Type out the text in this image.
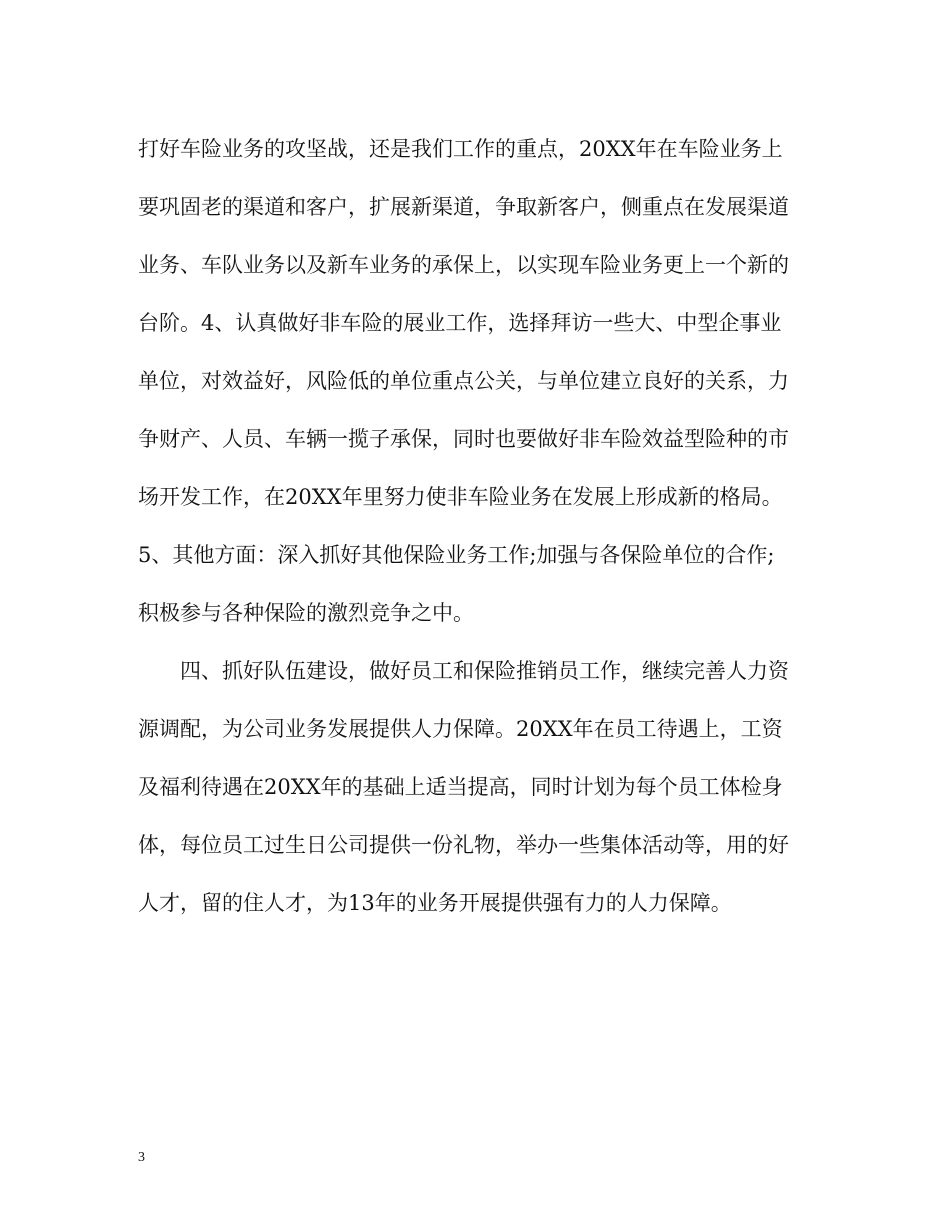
打好车险业务的攻坚战，还是我们工作的重点，20XX年在车险业务上
要巩固老的渠道和客户，扩展新渠道，争取新客户，侧重点在发展渠道
业务、车队业务以及新车业务的承保上，以实现车险业务更上一个新的
台阶。4、认真做好非车险的展业工作，选择拜访一些大、中型企事业
单位，对效益好，风险低的单位重点公关，与单位建立良好的关系，力
争财产、人员、车辆一揽子承保，同时也要做好非车险效益型险种的市
场开发工作，在20XX年里努力使非车险业务在发展上形成新的格局。
5、其他方面：深入抓好其他保险业务工作;加强与各保险单位的合作;
积极参与各种保险的激烈竞争之中。
四、抓好队伍建设，做好员工和保险推销员工作，继续完善人力资
源调配，为公司业务发展提供人力保障。20XX年在员工待遇上，工资
及福利待遇在20XX年的基础上适当提高，同时计划为每个员工体检身
体，每位员工过生日公司提供一份礼物，举办一些集体活动等，用的好
人才，留的住人才，为13年的业务开展提供强有力的人力保障。
3
